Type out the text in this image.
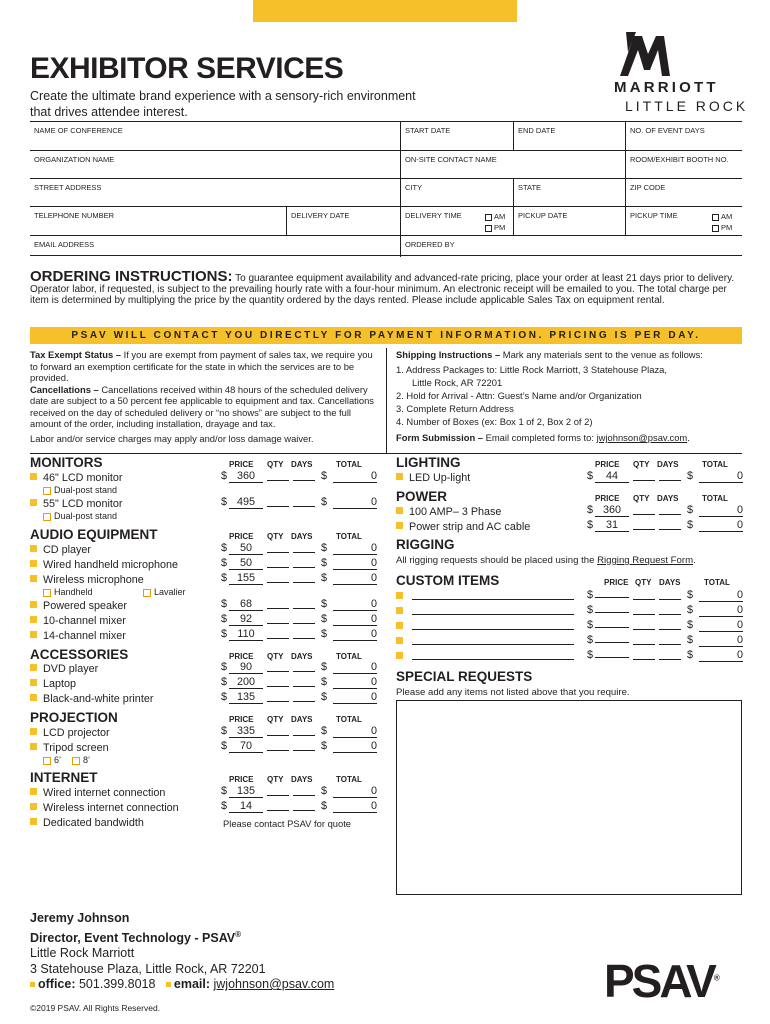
EXHIBITOR SERVICES
Create the ultimate brand experience with a sensory-rich environment that drives attendee interest.
MARRIOTT
LITTLE ROCK
NAME OF CONFERENCE	START DATE	END DATE	NO. OF EVENT DAYS
ORGANIZATION NAME	ON-SITE CONTACT NAME	ROOM/EXHIBIT BOOTH NO.
STREET ADDRESS	CITY	STATE	ZIP CODE
TELEPHONE NUMBER	DELIVERY DATE	DELIVERY TIME	AM
PM
PICKUP DATE	PICKUP TIME	AM
PM
EMAIL ADDRESS	ORDERED BY
ORDERING INSTRUCTIONS: To guarantee equipment availability and advanced-rate pricing, place your order at least 21 days prior to delivery. Operator labor, if requested, is subject to the prevailing hourly rate with a four-hour minimum. An electronic receipt will be emailed to you. The total charge per item is determined by multiplying the price by the quantity ordered by the days rented. Please include applicable Sales Tax on equipment rental.
PSAV WILL CONTACT YOU DIRECTLY FOR PAYMENT INFORMATION. PRICING IS PER DAY.
Tax Exempt Status – If you are exempt from payment of sales tax, we require you to forward an exemption certificate for the state in which the services are to be provided.
Cancellations – Cancellations received within 48 hours of the scheduled delivery date are subject to a 50 percent fee applicable to equipment and tax. Cancellations received on the day of scheduled delivery or “no shows” are subject to the full amount of the order, including installation, drayage and tax.
Labor and/or service charges may apply and/or loss damage waiver.
Shipping Instructions – Mark any materials sent to the venue as follows:
1. Address Packages to: Little Rock Marriott, 3 Statehouse Plaza,
Little Rock, AR 72201
2. Hold for Arrival - Attn: Guest’s Name and/or Organization
3. Complete Return Address
4. Number of Boxes (ex: Box 1 of 2, Box 2 of 2)
Form Submission – Email completed forms to: jwjohnson@psav.com.
MONITORS	PRICE QTY DAYS	TOTAL
46" LCD monitor	$ 360	$	0
55" LCD monitor	$ 495	$	0
Dual-post stand
Dual-post stand
AUDIO EQUIPMENT	PRICE QTY DAYS	TOTAL
CD player	$ 50	$	0
Wired handheld microphone	$ 50	$	0
Wireless microphone	$ 155	$	0
Powered speaker	$ 68	$	0
10-channel mixer	$ 92	$	0
14-channel mixer	$ 110	$	0
Handheld	Lavalier
ACCESSORIES	PRICE QTY DAYS	TOTAL
DVD player	$ 90	$	0
Laptop	$ 200	$	0
Black-and-white printer	$ 135	$	0
PROJECTION	PRICE QTY DAYS	TOTAL
LCD projector	$ 335	$	0
Tripod screen	$ 70	$	0
6’	8’
INTERNET	PRICE QTY DAYS	TOTAL
Wired internet connection	$ 135	$	0
Wireless internet connection	$ 14	$	0
Dedicated bandwidth	Please contact PSAV for quote
LIGHTING	PRICE QTY DAYS	TOTAL
LED Up-light	$ 44	$	0
POWER	PRICE QTY DAYS	TOTAL
100 AMP– 3 Phase	$ 360	$	0
Power strip and AC cable	$ 31	$	0
RIGGING
All rigging requests should be placed using the Rigging Request Form.
CUSTOM ITEMS	PRICE QTY DAYS	TOTAL
$	$	0
$	$	0
$	$	0
$	$	0
$	$	0
SPECIAL REQUESTS
Please add any items not listed above that you require.
Jeremy Johnson
Director, Event Technology - PSAV®
Little Rock Marriott
3 Statehouse Plaza, Little Rock, AR 72201
office: 501.399.8018 email: jwjohnson@psav.com
©2019 PSAV. All Rights Reserved.
PSAV®
